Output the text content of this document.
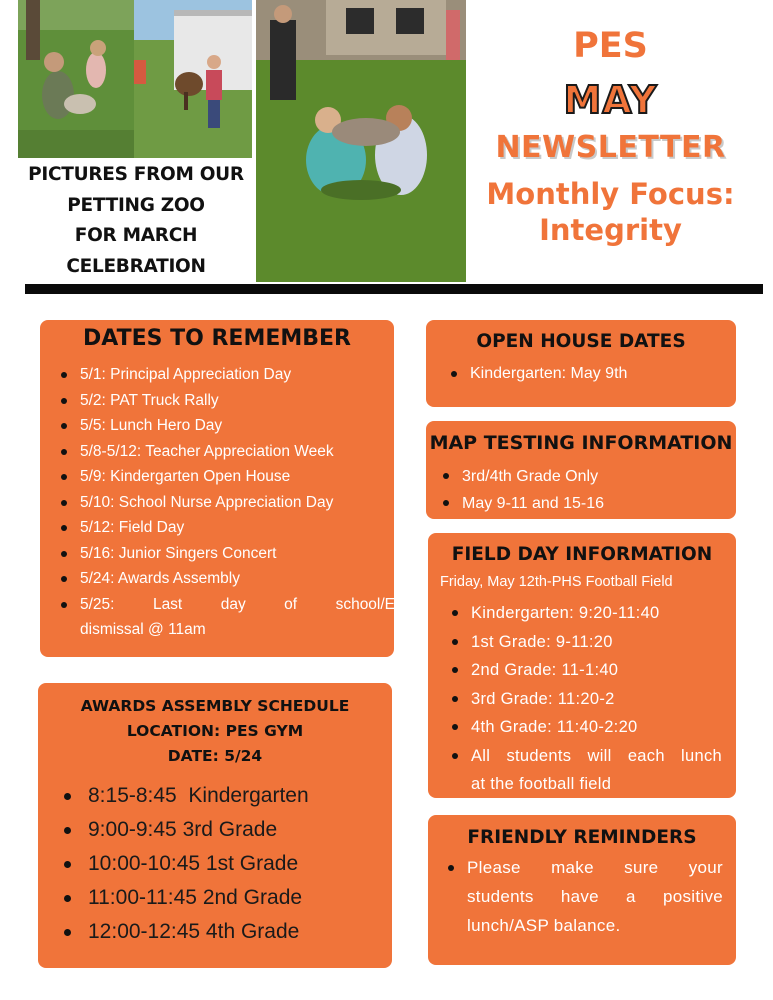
PICTURES FROM OUR
PETTING ZOO
FOR MARCH
CELEBRATION
PES
MAY
NEWSLETTER
Monthly Focus:
Integrity
DATES TO REMEMBER
5/1: Principal Appreciation Day
5/2: PAT Truck Rally
5/5: Lunch Hero Day
5/8-5/12: Teacher Appreciation Week
5/9: Kindergarten Open House
5/10: School Nurse Appreciation Day
5/12: Field Day
5/16: Junior Singers Concert
5/24: Awards Assembly
5/25: Last day of school/Early
dismissal @ 11am
AWARDS ASSEMBLY SCHEDULE
LOCATION: PES GYM
DATE: 5/24
8:15-8:45  Kindergarten
9:00-9:45 3rd Grade
10:00-10:45 1st Grade
11:00-11:45 2nd Grade
12:00-12:45 4th Grade
OPEN HOUSE DATES
Kindergarten: May 9th
MAP TESTING INFORMATION
3rd/4th Grade Only
May 9-11 and 15-16
FIELD DAY INFORMATION
Friday, May 12th-PHS Football Field
Kindergarten: 9:20-11:40
1st Grade: 9-11:20
2nd Grade: 11-1:40
3rd Grade: 11:20-2
4th Grade: 11:40-2:20
All students will each lunch
at the football field
FRIENDLY REMINDERS
Please make sure your
students have a positive
lunch/ASP balance.
